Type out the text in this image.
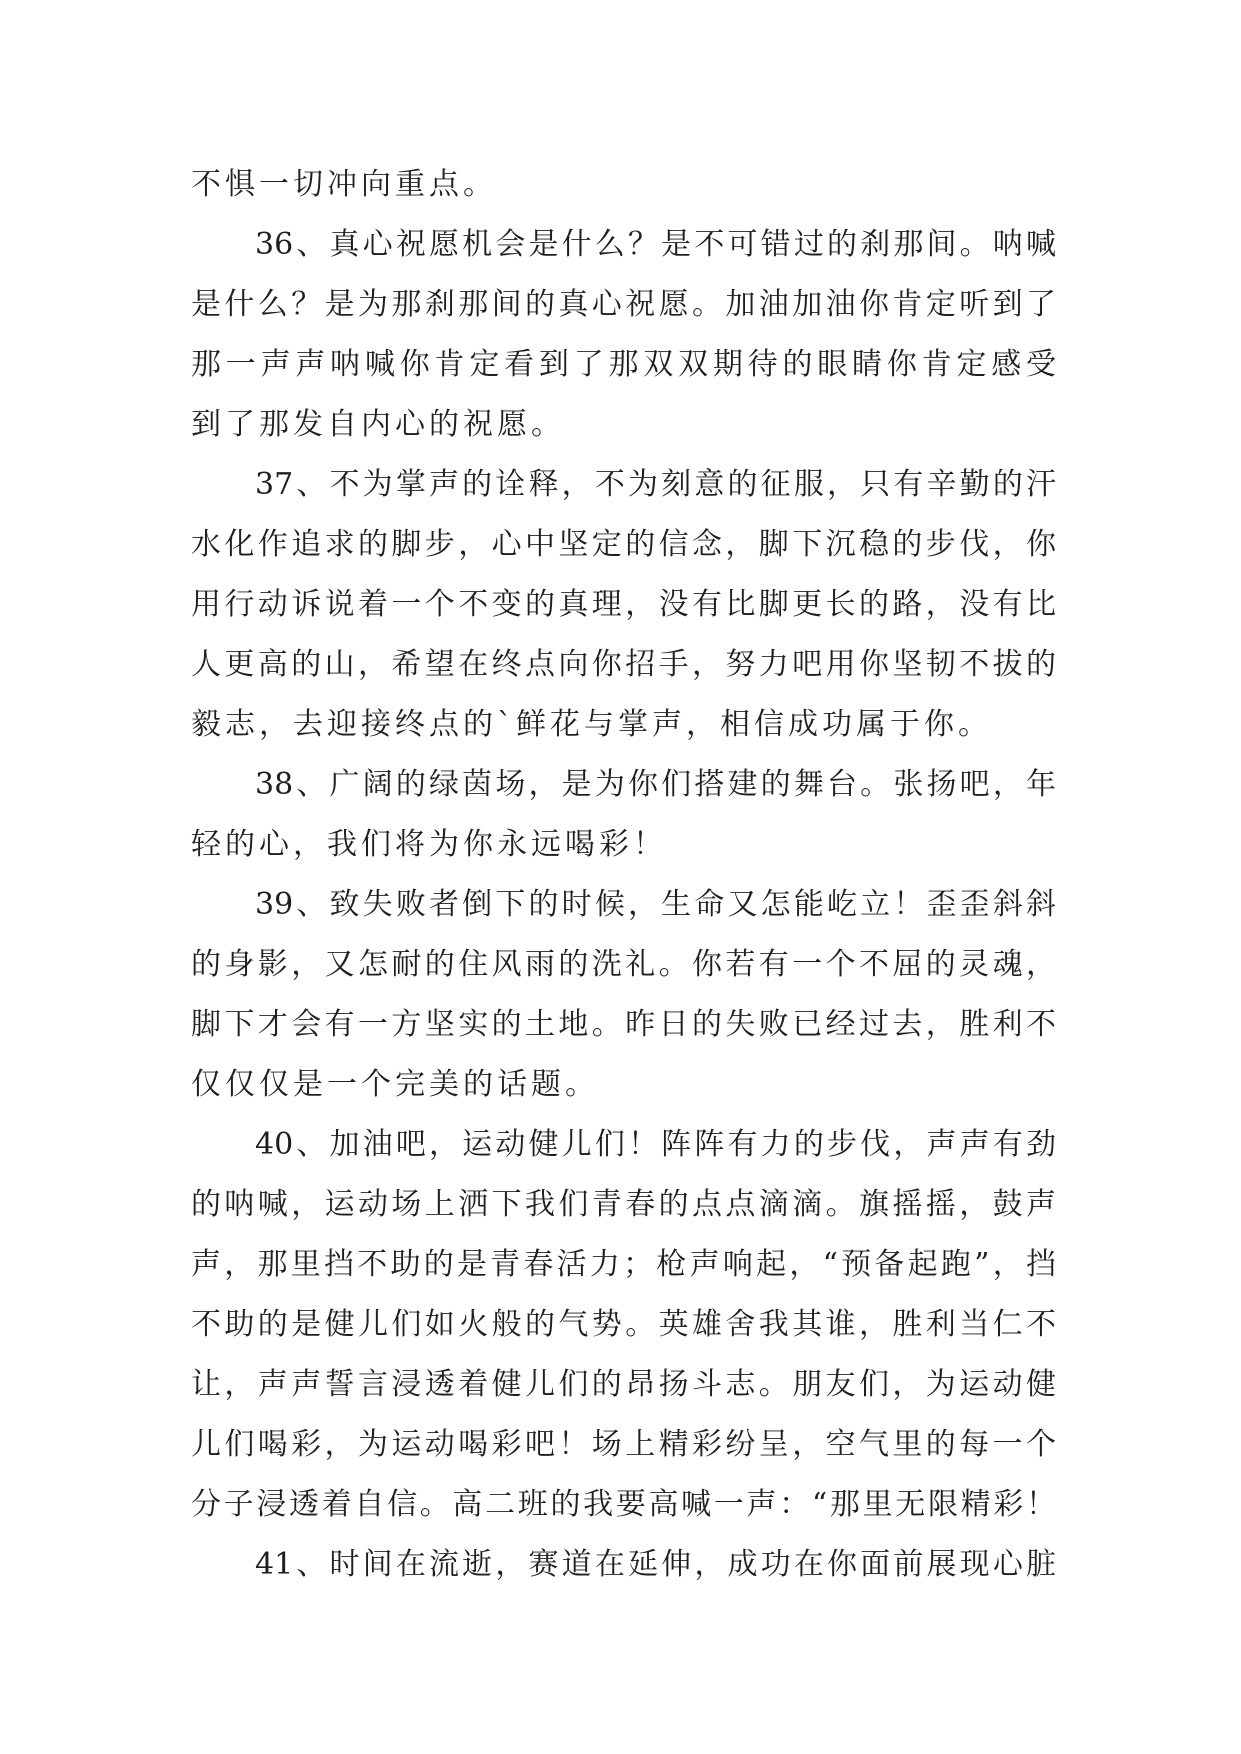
不惧一切冲向重点。
36、真心祝愿机会是什么？是不可错过的刹那间。呐喊
是什么？是为那刹那间的真心祝愿。加油加油你肯定听到了
那一声声呐喊你肯定看到了那双双期待的眼睛你肯定感受
到了那发自内心的祝愿。
37、不为掌声的诠释，不为刻意的征服，只有辛勤的汗
水化作追求的脚步，心中坚定的信念，脚下沉稳的步伐，你
用行动诉说着一个不变的真理，没有比脚更长的路，没有比
人更高的山，希望在终点向你招手，努力吧用你坚韧不拔的
毅志，去迎接终点的`鲜花与掌声，相信成功属于你。
38、广阔的绿茵场，是为你们搭建的舞台。张扬吧，年
轻的心，我们将为你永远喝彩！
39、致失败者倒下的时候，生命又怎能屹立！歪歪斜斜
的身影，又怎耐的住风雨的洗礼。你若有一个不屈的灵魂，
脚下才会有一方坚实的土地。昨日的失败已经过去，胜利不
仅仅仅是一个完美的话题。
40、加油吧，运动健儿们！阵阵有力的步伐，声声有劲
的呐喊，运动场上洒下我们青春的点点滴滴。旗摇摇，鼓声
声，那里挡不助的是青春活力；枪声响起，“预备起跑”，挡
不助的是健儿们如火般的气势。英雄舍我其谁，胜利当仁不
让，声声誓言浸透着健儿们的昂扬斗志。朋友们，为运动健
儿们喝彩，为运动喝彩吧！场上精彩纷呈，空气里的每一个
分子浸透着自信。高二班的我要高喊一声：“那里无限精彩！
41、时间在流逝，赛道在延伸，成功在你面前展现心脏
